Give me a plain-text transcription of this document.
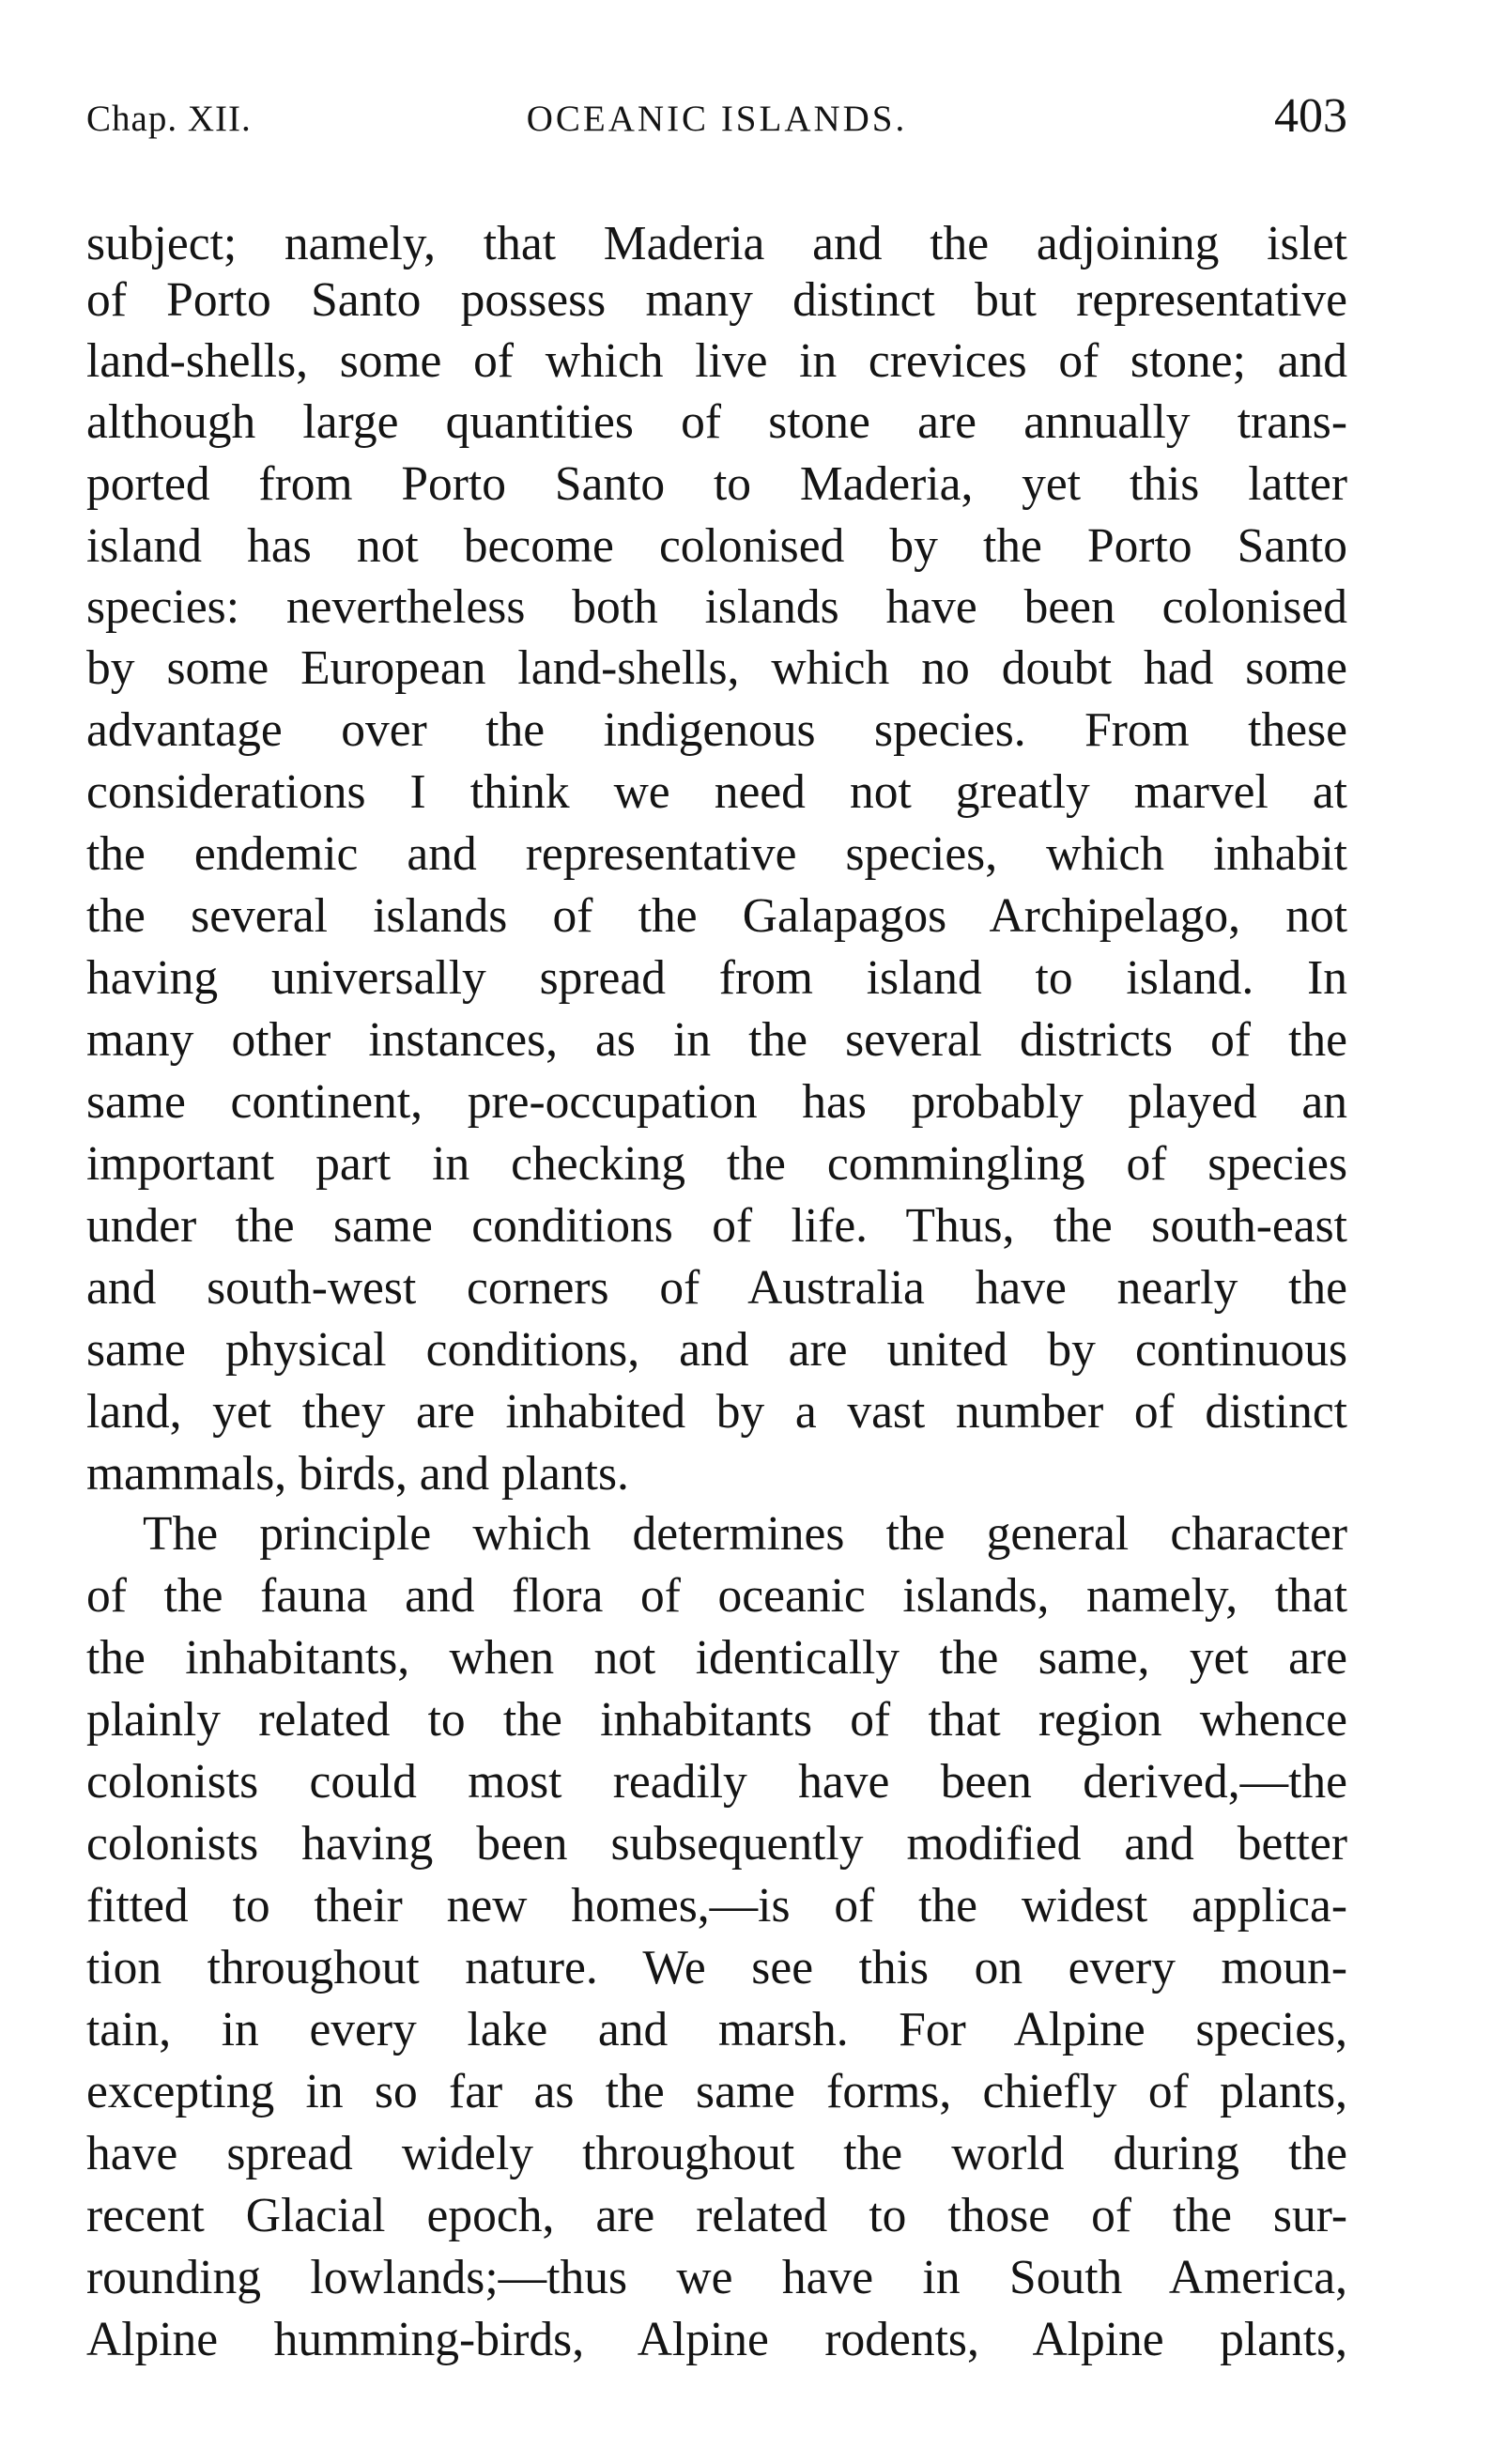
Chap. XII.	OCEANIC ISLANDS.	403
subject; namely, that Maderia and the adjoining islet
of Porto Santo possess many distinct but representative
land-shells, some of which live in crevices of stone; and
although large quantities of stone are annually trans-
ported from Porto Santo to Maderia, yet this latter
island has not become colonised by the Porto Santo
species: nevertheless both islands have been colonised
by some European land-shells, which no doubt had some
advantage over the indigenous species. From these
considerations I think we need not greatly marvel at
the endemic and representative species, which inhabit
the several islands of the Galapagos Archipelago, not
having universally spread from island to island. In
many other instances, as in the several districts of the
same continent, pre-occupation has probably played an
important part in checking the commingling of species
under the same conditions of life. Thus, the south-east
and south-west corners of Australia have nearly the
same physical conditions, and are united by continuous
land, yet they are inhabited by a vast number of distinct
mammals, birds, and plants.
The principle which determines the general character
of the fauna and flora of oceanic islands, namely, that
the inhabitants, when not identically the same, yet are
plainly related to the inhabitants of that region whence
colonists could most readily have been derived,—the
colonists having been subsequently modified and better
fitted to their new homes,—is of the widest applica-
tion throughout nature. We see this on every moun-
tain, in every lake and marsh. For Alpine species,
excepting in so far as the same forms, chiefly of plants,
have spread widely throughout the world during the
recent Glacial epoch, are related to those of the sur-
rounding lowlands;—thus we have in South America,
Alpine humming-birds, Alpine rodents, Alpine plants,
